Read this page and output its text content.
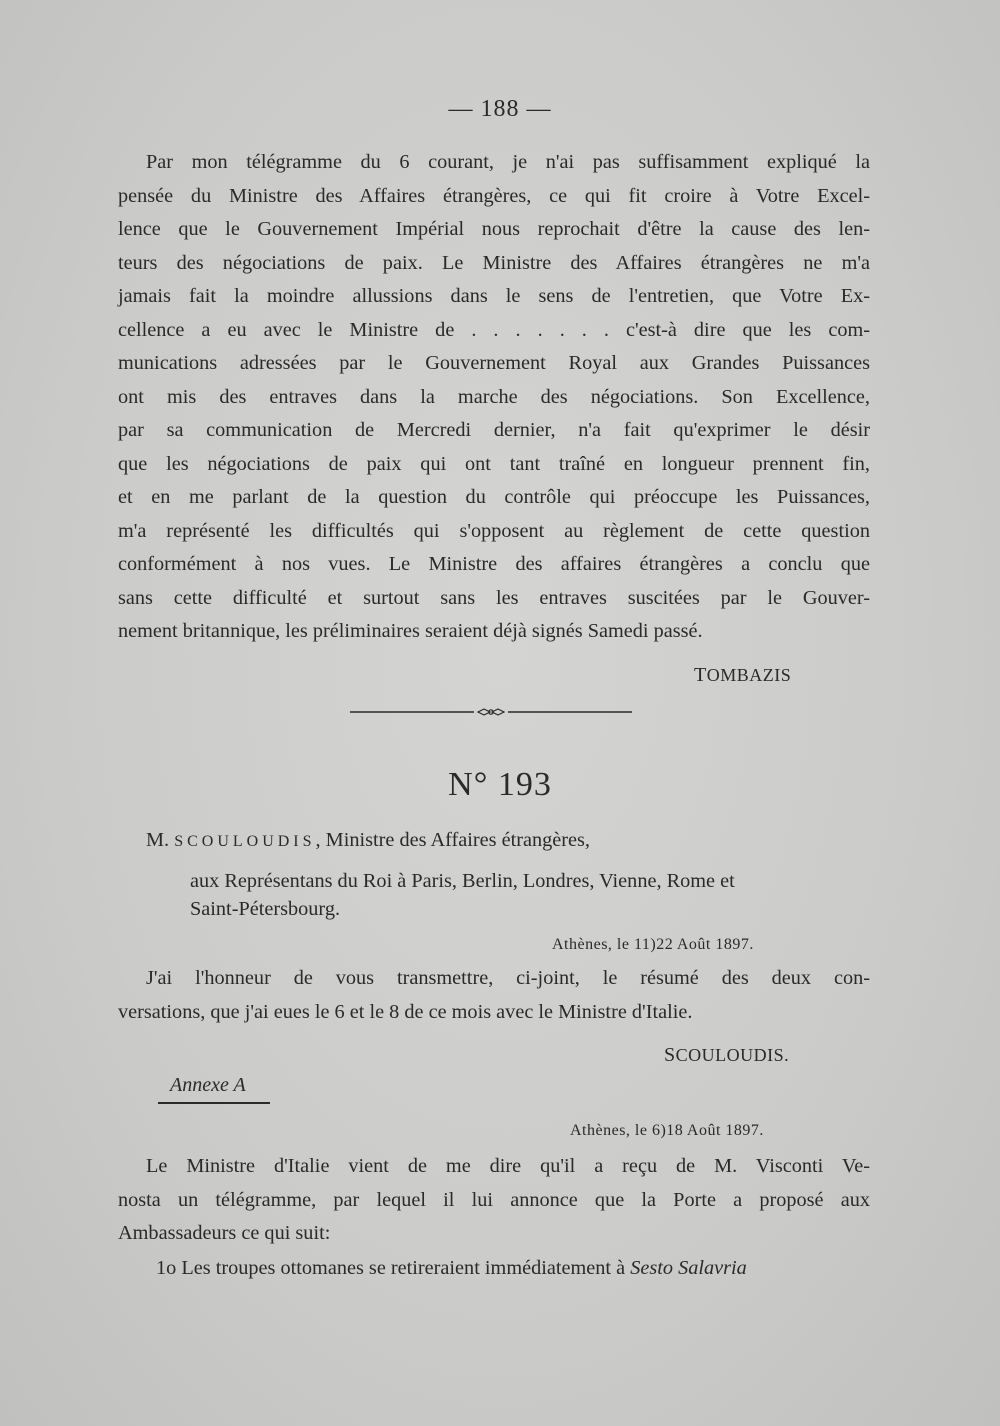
— 188 —
Par mon télégramme du 6 courant, je n'ai pas suffisamment expliqué la
pensée du Ministre des Affaires étrangères, ce qui fit croire à Votre Excel-
lence que le Gouvernement Impérial nous reprochait d'être la cause des len-
teurs des négociations de paix. Le Ministre des Affaires étrangères ne m'a
jamais fait la moindre allussions dans le sens de l'entretien, que Votre Ex-
cellence a eu avec le Ministre de . . . . . . . c'est-à dire que les com-
munications adressées par le Gouvernement Royal aux Grandes Puissances
ont mis des entraves dans la marche des négociations. Son Excellence,
par sa communication de Mercredi dernier, n'a fait qu'exprimer le désir
que les négociations de paix qui ont tant traîné en longueur prennent fin,
et en me parlant de la question du contrôle qui préoccupe les Puissances,
m'a représenté les difficultés qui s'opposent au règlement de cette question
conformément à nos vues. Le Ministre des affaires étrangères a conclu que
sans cette difficulté et surtout sans les entraves suscitées par le Gouver-
nement britannique, les préliminaires seraient déjà signés Samedi passé.
TOMBAZIS
N° 193
M. SCOULOUDIS, Ministre des Affaires étrangères,
aux Représentans du Roi à Paris, Berlin, Londres, Vienne, Rome et
Saint-Pétersbourg.
Athènes, le 11)22 Août 1897.
J'ai l'honneur de vous transmettre, ci-joint, le résumé des deux con-
versations, que j'ai eues le 6 et le 8 de ce mois avec le Ministre d'Italie.
SCOULOUDIS.
Annexe A
Athènes, le 6)18 Août 1897.
Le Ministre d'Italie vient de me dire qu'il a reçu de M. Visconti Ve-
nosta un télégramme, par lequel il lui annonce que la Porte a proposé aux
Ambassadeurs ce qui suit:
1o Les troupes ottomanes se retireraient immédiatement à Sesto Salavria
